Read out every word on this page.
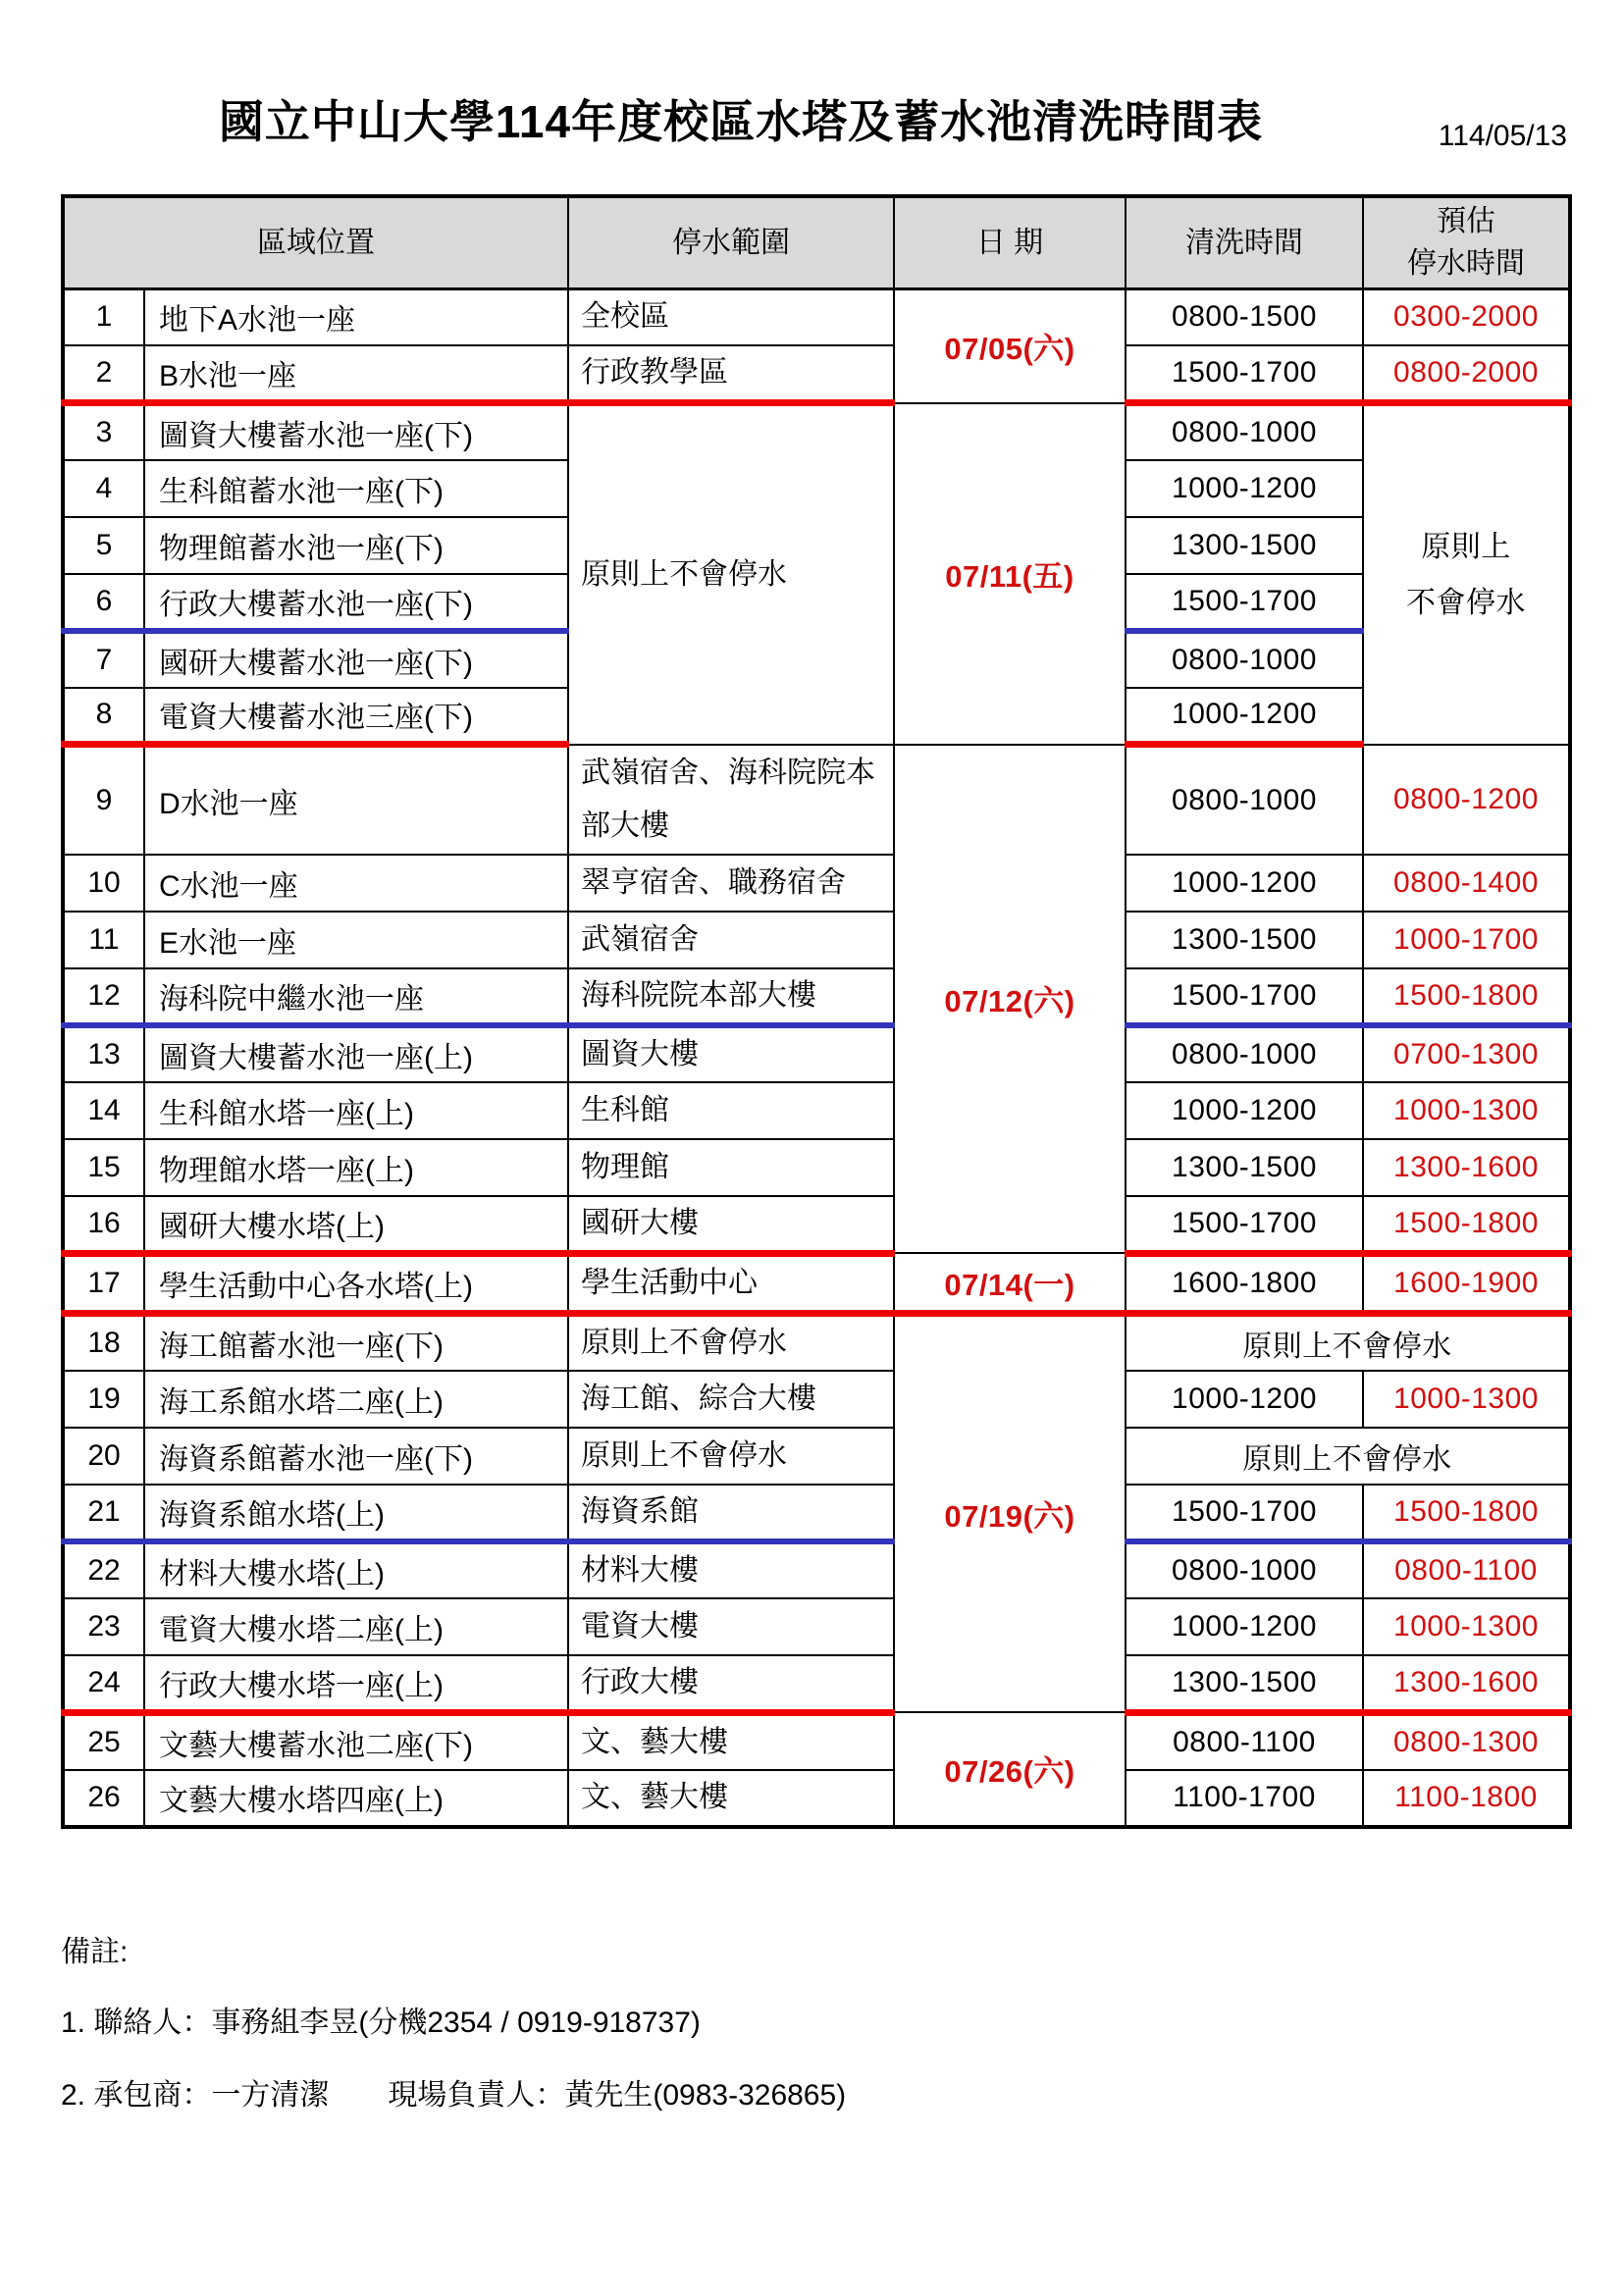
國立中山大學114年度校區水塔及蓄水池清洗時間表	114/05/13
區域位置		停水範圍	日 期	清洗時間	預估
停水時間

1	地下A水池一座	全校區	07/05(六)	0800-1500	0300-2000
2	B水池一座	行政教學區		1500-1700	0800-2000
3	圖資大樓蓄水池一座(下)	原則上不會停水	07/11(五)	0800-1000	原則上
不會停水

4	生科館蓄水池一座(下)			1000-1200	
5	物理館蓄水池一座(下)			1300-1500	
6	行政大樓蓄水池一座(下)			1500-1700	
7	國研大樓蓄水池一座(下)			0800-1000	
8	電資大樓蓄水池三座(下)			1000-1200	
9	D水池一座	武嶺宿舍、海科院院本部大樓	07/12(六)	0800-1000	0800-1200
10	C水池一座	翠亨宿舍、職務宿舍		1000-1200	0800-1400
11	E水池一座	武嶺宿舍		1300-1500	1000-1700
12	海科院中繼水池一座	海科院院本部大樓		1500-1700	1500-1800
13	圖資大樓蓄水池一座(上)	圖資大樓		0800-1000	0700-1300
14	生科館水塔一座(上)	生科館		1000-1200	1000-1300
15	物理館水塔一座(上)	物理館		1300-1500	1300-1600
16	國研大樓水塔(上)	國研大樓		1500-1700	1500-1800
17	學生活動中心各水塔(上)	學生活動中心	07/14(一)	1600-1800	1600-1900
18	海工館蓄水池一座(下)	原則上不會停水	07/19(六)	原則上不會停水	
19	海工系館水塔二座(上)	海工館、綜合大樓		1000-1200	1000-1300
20	海資系館蓄水池一座(下)	原則上不會停水		原則上不會停水	
21	海資系館水塔(上)	海資系館		1500-1700	1500-1800
22	材料大樓水塔(上)	材料大樓		0800-1000	0800-1100
23	電資大樓水塔二座(上)	電資大樓		1000-1200	1000-1300
24	行政大樓水塔一座(上)	行政大樓		1300-1500	1300-1600
25	文藝大樓蓄水池二座(下)	文、藝大樓	07/26(六)	0800-1100	0800-1300
26	文藝大樓水塔四座(上)	文、藝大樓		1100-1700	1100-1800
備註:
1. 聯絡人：事務組李昱(分機2354 / 0919-918737)
2. 承包商：一方清潔　　現場負責人：黃先生(0983-326865)
